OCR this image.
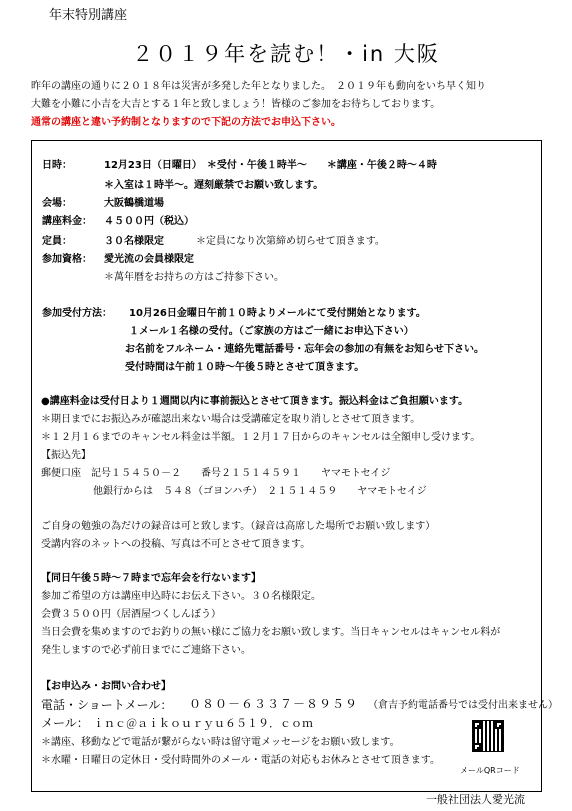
年末特別講座
２０１９年を読む！・in 大阪
昨年の講座の通りに２０１８年は災害が多発した年となりました。　２０１９年も動向をいち早く知り
大難を小難に小吉を大吉とする１年と致しましょう！皆様のご参加をお待ちしております。
通常の講座と違い予約制となりますので下記の方法でお申込下さい。
日時：	12月23日（日曜日）　＊受付・午後１時半～　　＊講座・午後２時～４時
＊入室は１時半～。遅刻厳禁でお願い致します。
会場：	大阪鶴橋道場
講座料金： ４５００円（税込）
定員：	３０名様限定	＊定員になり次第締め切らせて頂きます。
参加資格： 愛光流の会員様限定
＊萬年暦をお持ちの方はご持参下さい。
参加受付方法： 10月26日金曜日午前１０時よりメールにて受付開始となります。
１メール１名様の受付。（ご家族の方はご一緒にお申込下さい）
お名前をフルネーム・連絡先電話番号・忘年会の参加の有無をお知らせ下さい。
受付時間は午前１０時～午後５時とさせて頂きます。
●講座料金は受付日より１週間以内に事前振込とさせて頂きます。振込料金はご負担願います。
＊期日までにお振込みが確認出来ない場合は受講確定を取り消しとさせて頂きます。
＊１２月１６までのキャンセル料金は半額。１２月１７日からのキャンセルは全額申し受けます。
【振込先】
郵便口座　記号１５４５０－２　　番号２１５１４５９１　　ヤマモトセイジ
他銀行からは　５４８（ゴヨンハチ）　２１５１４５９　　ヤマモトセイジ
ご自身の勉強の為だけの録音は可と致します。（録音は高席した場所でお願い致します）
受講内容のネットへの投稿、写真は不可とさせて頂きます。
【同日午後５時～７時まで忘年会を行ないます】
参加ご希望の方は講座申込時にお伝え下さい。３０名様限定。
会費３５００円（居酒屋つくしんぼう）
当日会費を集めますのでお釣りの無い様にご協力をお願い致します。当日キャンセルはキャンセル料が
発生しますので必ず前日までにご連絡下さい。
【お申込み・お問い合わせ】
電話・ショートメール： ０８０－６３３７－８９５９ （倉吉予約電話番号では受付出来ません）
メール： ｉｎｃ＠ａｉｋｏｕｒｙｕ６５１９．ｃｏｍ
＊講座、移動などで電話が繋がらない時は留守電メッセージをお願い致します。
＊水曜・日曜日の定休日・受付時間外のメール・電話の対応もお休みとさせて頂きます。
メールQRコード
一般社団法人愛光流
